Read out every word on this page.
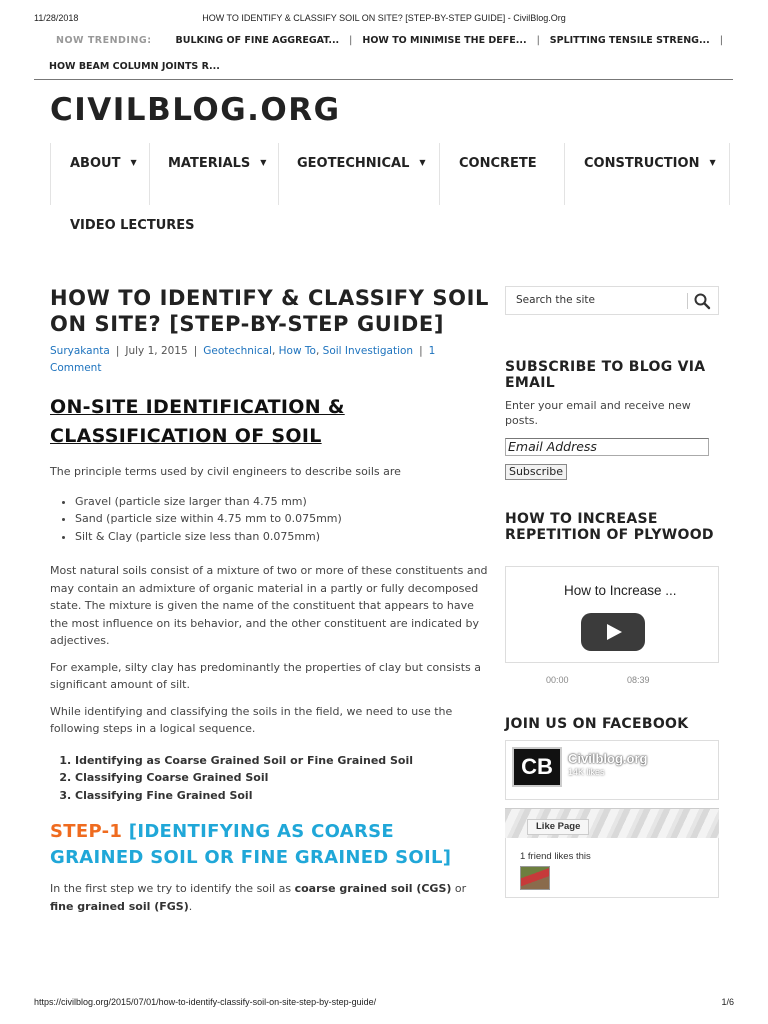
11/28/2018	HOW TO IDENTIFY & CLASSIFY SOIL ON SITE? [STEP-BY-STEP GUIDE] - CivilBlog.Org
NOW TRENDING:	BULKING OF FINE AGGREGAT... | HOW TO MINIMISE THE DEFE... | SPLITTING TENSILE STRENG... |
HOW BEAM COLUMN JOINTS R...
CIVILBLOG.ORG
ABOUT ▼ MATERIALS ▼ GEOTECHNICAL ▼	CONCRETE	CONSTRUCTION ▼
VIDEO LECTURES
HOW TO IDENTIFY & CLASSIFY SOIL ON SITE? [STEP-BY-STEP GUIDE]
Suryakanta | July 1, 2015 | Geotechnical, How To, Soil Investigation | 1 Comment
ON-SITE IDENTIFICATION & CLASSIFICATION OF SOIL

The principle terms used by civil engineers to describe soils are

• Gravel (particle size larger than 4.75 mm)
• Sand (particle size within 4.75 mm to 0.075mm)
• Silt & Clay (particle size less than 0.075mm)

Most natural soils consist of a mixture of two or more of these constituents and may contain an admixture of organic material in a partly or fully decomposed state. The mixture is given the name of the constituent that appears to have the most influence on its behavior, and the other constituent are indicated by adjectives.

For example, silty clay has predominantly the properties of clay but consists a significant amount of silt.

While identifying and classifying the soils in the field, we need to use the following steps in a logical sequence.

1. Identifying as Coarse Grained Soil or Fine Grained Soil
2. Classifying Coarse Grained Soil
3. Classifying Fine Grained Soil
STEP-1 [IDENTIFYING AS COARSE GRAINED SOIL OR FINE GRAINED SOIL]

In the first step we try to identify the soil as coarse grained soil (CGS) or fine grained soil (FGS).

Search the site
SUBSCRIBE TO BLOG VIA EMAIL
Enter your email and receive new posts.
Email Address
Subscribe
HOW TO INCREASE REPETITION OF PLYWOOD
How to Increase ...
00:00	08:39
JOIN US ON FACEBOOK
CB	Civilblog.org
14K likes
Like Page
1 friend likes this
https://civilblog.org/2015/07/01/how-to-identify-classify-soil-on-site-step-by-step-guide/	1/6
